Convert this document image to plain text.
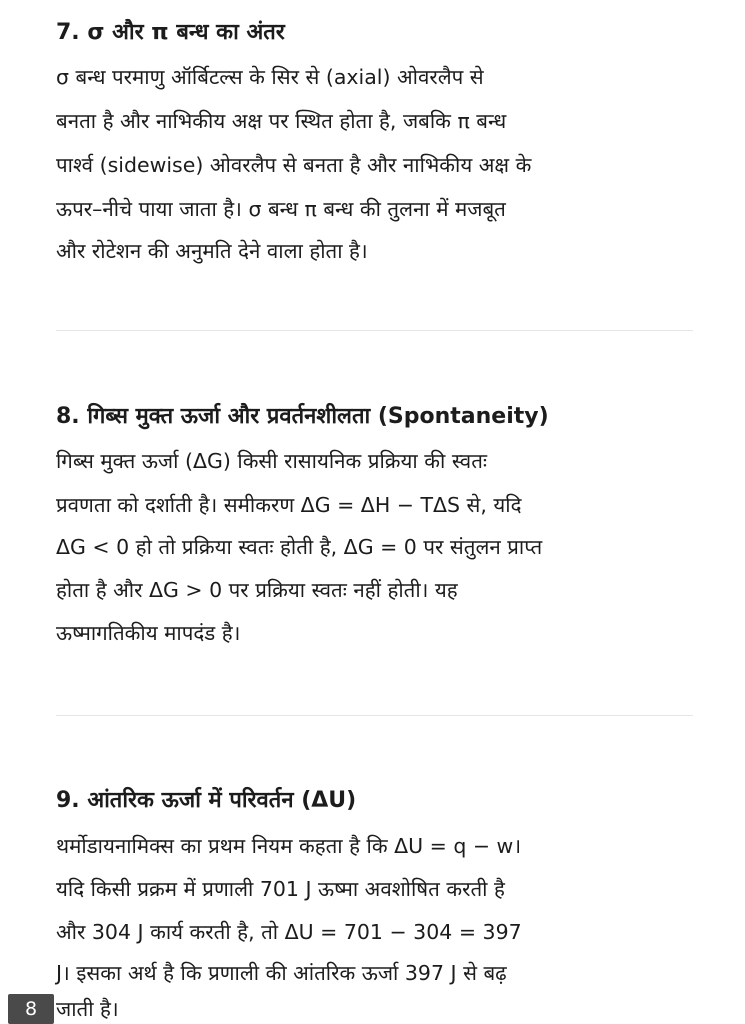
7. σ और π बन्ध का अंतर
σ बन्ध परमाणु ऑर्बिटल्स के सिर से (axial) ओवरलैप से
बनता है और नाभिकीय अक्ष पर स्थित होता है, जबकि π बन्ध
पार्श्व (sidewise) ओवरलैप से बनता है और नाभिकीय अक्ष के
ऊपर–नीचे पाया जाता है। σ बन्ध π बन्ध की तुलना में मजबूत
और रोटेशन की अनुमति देने वाला होता है।
8. गिब्स मुक्त ऊर्जा और प्रवर्तनशीलता (Spontaneity)
गिब्स मुक्त ऊर्जा (ΔG) किसी रासायनिक प्रक्रिया की स्वतः
प्रवणता को दर्शाती है। समीकरण ΔG = ΔH − TΔS से, यदि
ΔG < 0 हो तो प्रक्रिया स्वतः होती है, ΔG = 0 पर संतुलन प्राप्त
होता है और ΔG > 0 पर प्रक्रिया स्वतः नहीं होती। यह
ऊष्मागतिकीय मापदंड है।
9. आंतरिक ऊर्जा में परिवर्तन (ΔU)
थर्मोडायनामिक्स का प्रथम नियम कहता है कि ΔU = q − w।
यदि किसी प्रक्रम में प्रणाली 701 J ऊष्मा अवशोषित करती है
और 304 J कार्य करती है, तो ΔU = 701 − 304 = 397
J। इसका अर्थ है कि प्रणाली की आंतरिक ऊर्जा 397 J से बढ़
जाती है।
8
